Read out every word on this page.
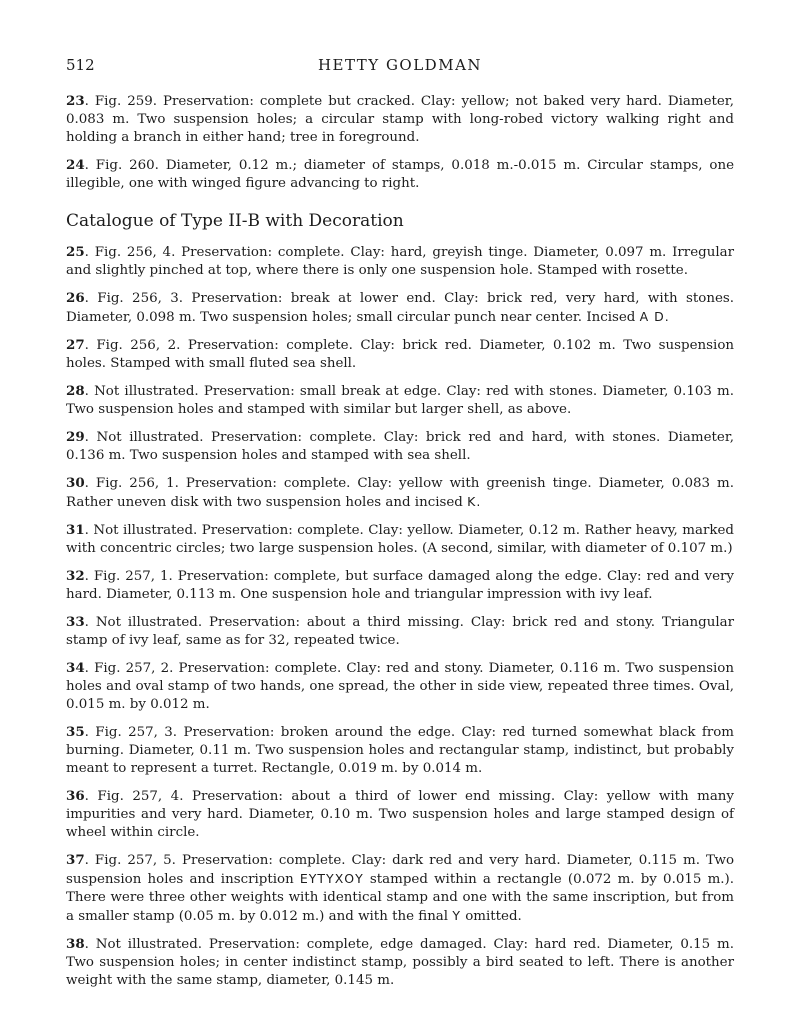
512	HETTY GOLDMAN

23. Fig. 259. Preservation: complete but cracked. Clay: yellow; not baked very hard. Diameter, 0.083 m. Two suspension holes; a circular stamp with long-robed victory walking right and holding a branch in either hand; tree in foreground.

24. Fig. 260. Diameter, 0.12 m.; diameter of stamps, 0.018 m.-0.015 m. Circular stamps, one illegible, one with winged figure advancing to right.

Catalogue of Type II-B with Decoration

25. Fig. 256, 4. Preservation: complete. Clay: hard, greyish tinge. Diameter, 0.097 m. Irregular and slightly pinched at top, where there is only one suspension hole. Stamped with rosette.

26. Fig. 256, 3. Preservation: break at lower end. Clay: brick red, very hard, with stones. Diameter, 0.098 m. Two suspension holes; small circular punch near center. Incised A D.

27. Fig. 256, 2. Preservation: complete. Clay: brick red. Diameter, 0.102 m. Two suspension holes. Stamped with small fluted sea shell.

28. Not illustrated. Preservation: small break at edge. Clay: red with stones. Diameter, 0.103 m. Two suspension holes and stamped with similar but larger shell, as above.

29. Not illustrated. Preservation: complete. Clay: brick red and hard, with stones. Diameter, 0.136 m. Two suspension holes and stamped with sea shell.

30. Fig. 256, 1. Preservation: complete. Clay: yellow with greenish tinge. Diameter, 0.083 m. Rather uneven disk with two suspension holes and incised K.

31. Not illustrated. Preservation: complete. Clay: yellow. Diameter, 0.12 m. Rather heavy, marked with concentric circles; two large suspension holes. (A second, similar, with diameter of 0.107 m.)

32. Fig. 257, 1. Preservation: complete, but surface damaged along the edge. Clay: red and very hard. Diameter, 0.113 m. One suspension hole and triangular impression with ivy leaf.

33. Not illustrated. Preservation: about a third missing. Clay: brick red and stony. Triangular stamp of ivy leaf, same as for 32, repeated twice.

34. Fig. 257, 2. Preservation: complete. Clay: red and stony. Diameter, 0.116 m. Two suspension holes and oval stamp of two hands, one spread, the other in side view, repeated three times. Oval, 0.015 m. by 0.012 m.

35. Fig. 257, 3. Preservation: broken around the edge. Clay: red turned somewhat black from burning. Diameter, 0.11 m. Two suspension holes and rectangular stamp, indistinct, but probably meant to represent a turret. Rectangle, 0.019 m. by 0.014 m.

36. Fig. 257, 4. Preservation: about a third of lower end missing. Clay: yellow with many impurities and very hard. Diameter, 0.10 m. Two suspension holes and large stamped design of wheel within circle.

37. Fig. 257, 5. Preservation: complete. Clay: dark red and very hard. Diameter, 0.115 m. Two suspension holes and inscription ΕΥΤΥΧΟΥ stamped within a rectangle (0.072 m. by 0.015 m.). There were three other weights with identical stamp and one with the same inscription, but from a smaller stamp (0.05 m. by 0.012 m.) and with the final Υ omitted.

38. Not illustrated. Preservation: complete, edge damaged. Clay: hard red. Diameter, 0.15 m. Two suspension holes; in center indistinct stamp, possibly a bird seated to left. There is another weight with the same stamp, diameter, 0.145 m.
